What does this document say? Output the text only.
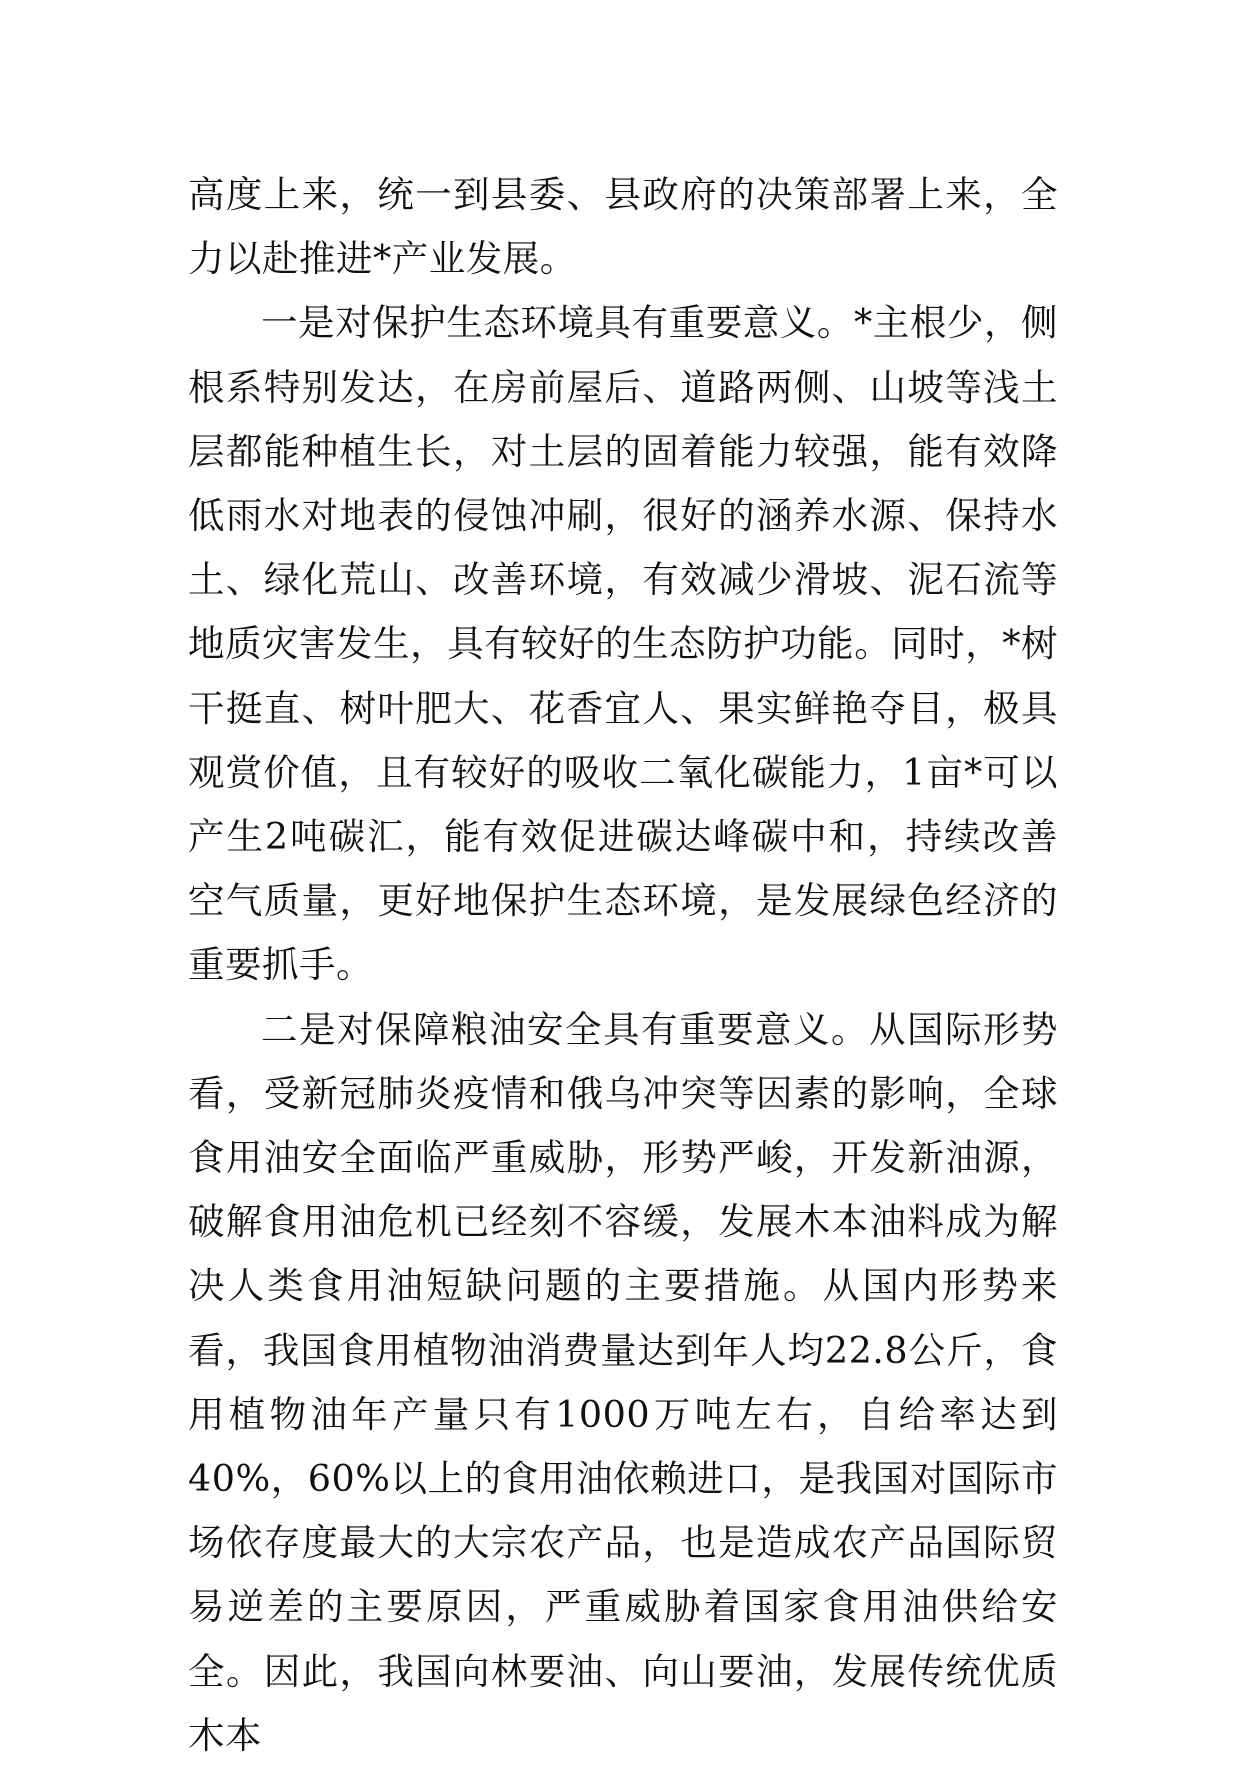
高度上来，统一到县委、县政府的决策部署上来，全力以赴推进*产业发展。

一是对保护生态环境具有重要意义。*主根少，侧根系特别发达，在房前屋后、道路两侧、山坡等浅土层都能种植生长，对土层的固着能力较强，能有效降低雨水对地表的侵蚀冲刷，很好的涵养水源、保持水土、绿化荒山、改善环境，有效减少滑坡、泥石流等地质灾害发生，具有较好的生态防护功能。同时，*树干挺直、树叶肥大、花香宜人、果实鲜艳夺目，极具观赏价值，且有较好的吸收二氧化碳能力，1亩*可以产生2吨碳汇，能有效促进碳达峰碳中和，持续改善空气质量，更好地保护生态环境，是发展绿色经济的重要抓手。

二是对保障粮油安全具有重要意义。从国际形势看，受新冠肺炎疫情和俄乌冲突等因素的影响，全球食用油安全面临严重威胁，形势严峻，开发新油源，破解食用油危机已经刻不容缓，发展木本油料成为解决人类食用油短缺问题的主要措施。从国内形势来看，我国食用植物油消费量达到年人均22.8公斤，食用植物油年产量只有1000万吨左右，自给率达到40%，60%以上的食用油依赖进口，是我国对国际市场依存度最大的大宗农产品，也是造成农产品国际贸易逆差的主要原因，严重威胁着国家食用油供给安全。因此，我国向林要油、向山要油，发展传统优质木本
